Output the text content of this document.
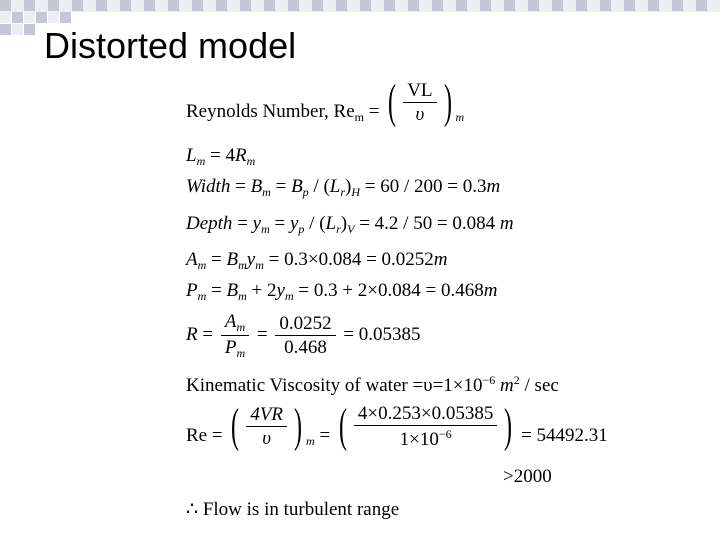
Distorted model
Reynolds Number, $Re_m$ = ( $\frac{VL}{\upsilon}$ ) $_m$
$L_m = 4R_m$
Width = $B_m = B_p / (L_r)_H = 60 / 200 = 0.3m$
Depth = $y_m = y_p / (L_r)_V = 4.2 / 50 = 0.084$ m
$A_m = B_my_m = 0.3\times 0.084 = 0.0252m$
$P_m = B_m + 2y_m = 0.3 + 2\times 0.084 = 0.468m$
$R = \frac{A_m}{P_m} = \frac{0.0252}{0.468} = 0.05385$
Kinematic Viscosity of water $=\upsilon=1\times 10^{-6}$ $m^2$ / sec
Re = ( $\frac{4VR}{\upsilon}$ ) $_m$ = ( $\frac{4\times 0.253\times 0.05385}{1\times 10^{-6}}$ ) = 54492.31
>2000
∴ Flow is in turbulent range
